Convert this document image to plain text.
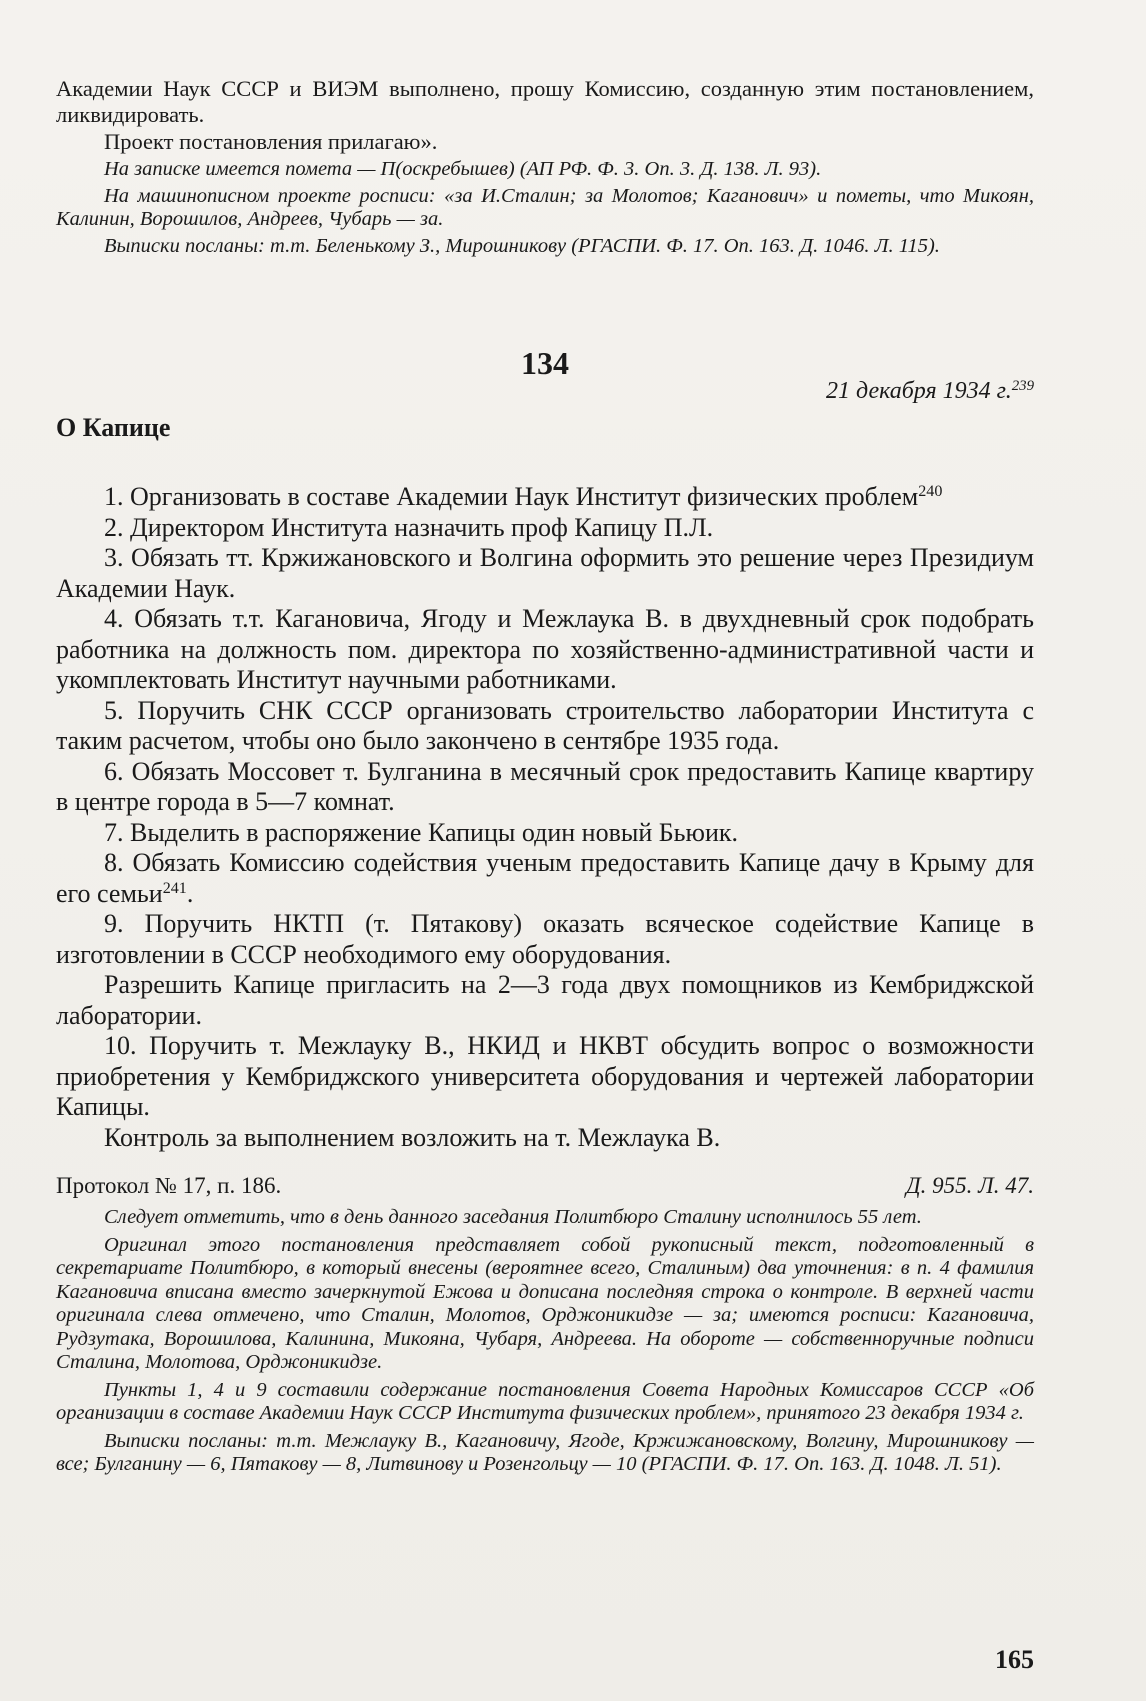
Академии Наук СССР и ВИЭМ выполнено, прошу Комиссию, созданную этим постановлением, ликвидировать.

Проект постановления прилагаю».

На записке имеется помета — П(оскребышев) (АП РФ. Ф. 3. Оп. 3. Д. 138. Л. 93).

На машинописном проекте росписи: «за И.Сталин; за Молотов; Каганович» и пометы, что Микоян, Калинин, Ворошилов, Андреев, Чубарь — за.

Выписки посланы: т.т. Беленькому З., Мирошникову (РГАСПИ. Ф. 17. Оп. 163. Д. 1046. Л. 115).

134

21 декабря 1934 г.$^{239}$

О Капице

1. Организовать в составе Академии Наук Институт физических проблем$^{240}$

2. Директором Института назначить проф Капицу П.Л.

3. Обязать тт. Кржижановского и Волгина оформить это решение через Президиум Академии Наук.

4. Обязать т.т. Кагановича, Ягоду и Межлаука В. в двухдневный срок подобрать работника на должность пом. директора по хозяйственно-административной части и укомплектовать Институт научными работниками.

5. Поручить СНК СССР организовать строительство лаборатории Института с таким расчетом, чтобы оно было закончено в сентябре 1935 года.

6. Обязать Моссовет т. Булганина в месячный срок предоставить Капице квартиру в центре города в 5—7 комнат.

7. Выделить в распоряжение Капицы один новый Бьюик.

8. Обязать Комиссию содействия ученым предоставить Капице дачу в Крыму для его семьи$^{241}$.

9. Поручить НКТП (т. Пятакову) оказать всяческое содействие Капице в изготовлении в СССР необходимого ему оборудования.

Разрешить Капице пригласить на 2—3 года двух помощников из Кембриджской лаборатории.

10. Поручить т. Межлауку В., НКИД и НКВТ обсудить вопрос о возможности приобретения у Кембриджского университета оборудования и чертежей лаборатории Капицы.

Контроль за выполнением возложить на т. Межлаука В.

Протокол № 17, п. 186.	Д. 955. Л. 47.

Следует отметить, что в день данного заседания Политбюро Сталину исполнилось 55 лет.

Оригинал этого постановления представляет собой рукописный текст, подготовленный в секретариате Политбюро, в который внесены (вероятнее всего, Сталиным) два уточнения: в п. 4 фамилия Кагановича вписана вместо зачеркнутой Ежова и дописана последняя строка о контроле. В верхней части оригинала слева отмечено, что Сталин, Молотов, Орджоникидзе — за; имеются росписи: Кагановича, Рудзутака, Ворошилова, Калинина, Микояна, Чубаря, Андреева. На обороте — собственноручные подписи Сталина, Молотова, Орджоникидзе.

Пункты 1, 4 и 9 составили содержание постановления Совета Народных Комиссаров СССР «Об организации в составе Академии Наук СССР Института физических проблем», принятого 23 декабря 1934 г.

Выписки посланы: т.т. Межлауку В., Кагановичу, Ягоде, Кржижановскому, Волгину, Мирошникову — все; Булганину — 6, Пятакову — 8, Литвинову и Розенгольцу — 10 (РГАСПИ. Ф. 17. Оп. 163. Д. 1048. Л. 51).

165
